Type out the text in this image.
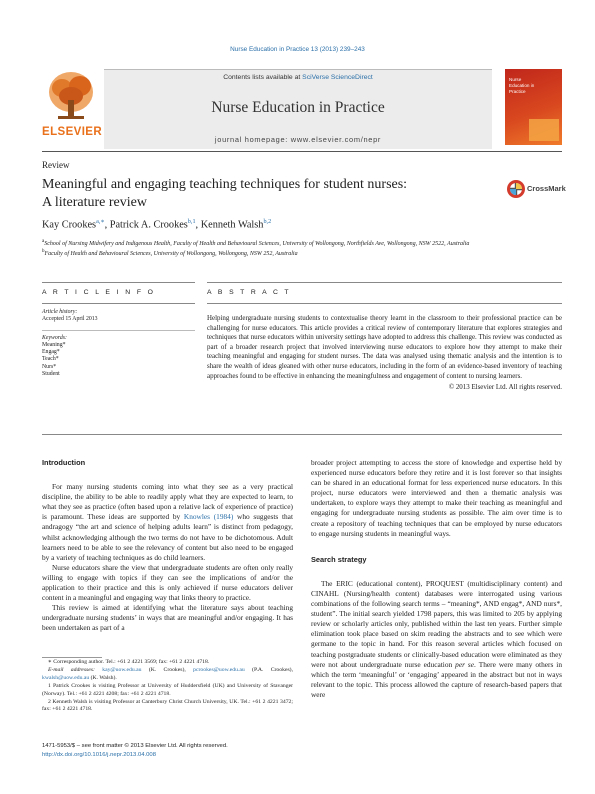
Nurse Education in Practice 13 (2013) 239–243
ELSEVIER
Contents lists available at SciVerse ScienceDirect
Nurse Education in Practice
journal homepage: www.elsevier.com/nepr
Nurse
Education in
Practice
Review
Meaningful and engaging teaching techniques for student nurses:
A literature review
CrossMark
Kay Crookes$^{a,∗}$, Patrick A. Crookes$^{b,1}$, Kenneth Walsh$^{b,2}$
$^a$School of Nursing Midwifery and Indigenous Health, Faculty of Health and Behavioural Sciences, University of Wollongong, Northfields Ave, Wollongong, NSW 2522, Australia
$^b$Faculty of Health and Behavioural Sciences, University of Wollongong, Wollongong, NSW 252, Australia
A R T I C L E I N F O
Article history:
Accepted 15 April 2013
Keywords:
Meaning*
Engag*
Teach*
Nurs*
Student
A B S T R A C T
Helping undergraduate nursing students to contextualise theory learnt in the classroom to their professional practice can be challenging for nurse educators. This article provides a critical review of contemporary literature that explores strategies and techniques that nurse educators within university settings have adopted to address this challenge. This review was conducted as part of a broader research project that involved interviewing nurse educators to explore how they attempt to make their teaching meaningful and engaging for student nurses. The data was analysed using thematic analysis and the intention is to share the wealth of ideas gleaned with other nurse educators, including in the form of an evidence-based inventory of teaching approaches found to be effective in enhancing the meaningfulness and engagement of content to nursing learners.
© 2013 Elsevier Ltd. All rights reserved.
Introduction

For many nursing students coming into what they see as a very practical discipline, the ability to be able to readily apply what they are expected to learn, to what they see as practice (often based upon a relative lack of experience of practice) is paramount. These ideas are supported by Knowles (1984) who suggests that andragogy “the art and science of helping adults learn” is distinct from pedagogy, whilst acknowledging although the two terms do not have to be dichotomous. Adult learners need to be able to see the relevancy of content but also need to be engaged by a variety of teaching techniques as do child learners.

Nurse educators share the view that undergraduate students are often only really willing to engage with topics if they can see the implications of and/or the application to their practice and this is only achieved if nurse educators deliver content in a meaningful and engaging way that links theory to practice.

This review is aimed at identifying what the literature says about teaching undergraduate nursing students’ in ways that are meaningful and/or engaging. It has been undertaken as part of a

broader project attempting to access the store of knowledge and expertise held by experienced nurse educators before they retire and it is lost forever so that insights can be shared in an educational format for less experienced nurse educators. In this project, nurse educators were interviewed and then a thematic analysis was undertaken, to explore ways they attempt to make their teaching as meaningful and engaging for undergraduate nursing students as possible. The aim over time is to create a repository of teaching techniques that can be employed by nurse educators to engage nursing students in meaningful ways.

Search strategy

The ERIC (educational content), PROQUEST (multidisciplinary content) and CINAHL (Nursing/health content) databases were interrogated using various combinations of the following search terms – “meaning*, AND engag*, AND nurs*, student”. The initial search yielded 1798 papers, this was limited to 205 by applying review or scholarly articles only, published within the last ten years. Further simple elimination took place based on skim reading the abstracts and to see which were germane to the topic in hand. For this reason several articles which focused on teaching postgraduate students or clinically-based education were eliminated as they were not about undergraduate nurse education per se. There were many others in which the term ‘meaningful’ or ‘engaging’ appeared in the abstract but not in ways relevant to the topic. This process allowed the capture of research-based papers that were

∗ Corresponding author. Tel.: +61 2 4221 3569; fax: +61 2 4221 4718.
E-mail addresses: kay@uow.edu.au (K. Crookes), pcrookes@uow.edu.au (P.A. Crookes), kwalsh@uow.edu.au (K. Walsh).
1 Patrick Crookes is visiting Professor at University of Huddersfield (UK) and University of Stavanger (Norway). Tel.: +61 2 4221 4208; fax: +61 2 4221 4718.
2 Kenneth Walsh is visiting Professor at Canterbury Christ Church University, UK. Tel.: +61 2 4221 3472; fax: +61 2 4221 4718.
1471-5953/$ – see front matter © 2013 Elsevier Ltd. All rights reserved.
http://dx.doi.org/10.1016/j.nepr.2013.04.008
